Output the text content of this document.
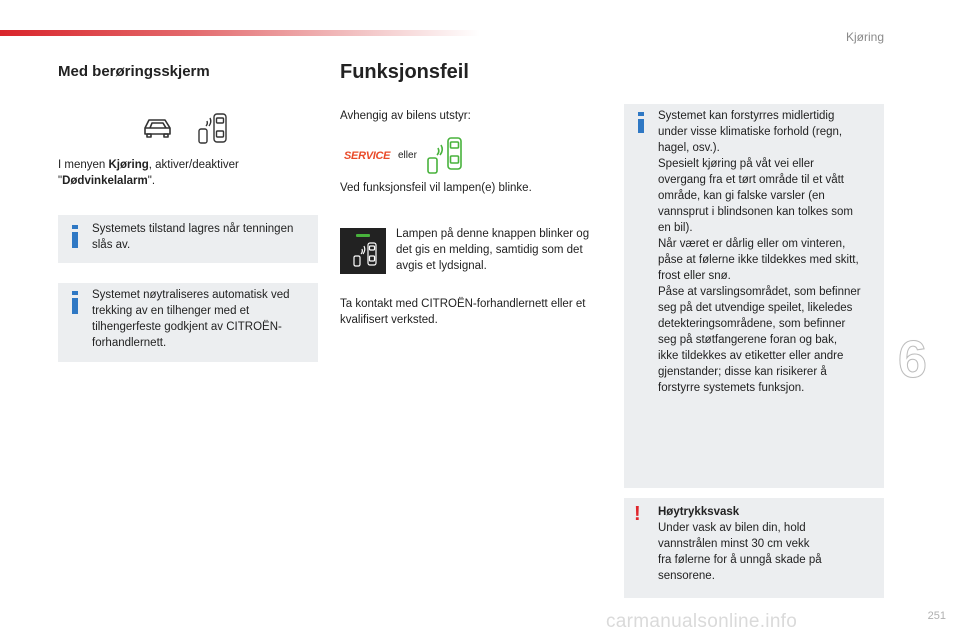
Kjøring
6
Med berøringsskjerm
I menyen Kjøring, aktiver/deaktiver
"Dødvinkelalarm".
Systemets tilstand lagres når tenningen slås av.
Systemet nøytraliseres automatisk ved trekking av en tilhenger med et tilhengerfeste godkjent av CITROËN-forhandlernett.
Funksjonsfeil
Avhengig av bilens utstyr:
SERVICE eller
Ved funksjonsfeil vil lampen(e) blinke.
Lampen på denne knappen blinker og det gis en melding, samtidig som det avgis et lydsignal.
Ta kontakt med CITROËN-forhandlernett eller et kvalifisert verksted.
Systemet kan forstyrres midlertidig
under visse klimatiske forhold (regn,
hagel, osv.).
Spesielt kjøring på våt vei eller
overgang fra et tørt område til et vått
område, kan gi falske varsler (en
vannsprut i blindsonen kan tolkes som
en bil).
Når været er dårlig eller om vinteren,
påse at følerne ikke tildekkes med skitt,
frost eller snø.
Påse at varslingsområdet, som befinner
seg på det utvendige speilet, likeledes
detekteringsområdene, som befinner
seg på støtfangerene foran og bak,
ikke tildekkes av etiketter eller andre
gjenstander; disse kan risikerer å
forstyrre systemets funksjon.
! Høytrykksvask
Under vask av bilen din, hold
vannstrålen minst 30 cm vekk
fra følerne for å unngå skade på
sensorene.
carmanualsonline.info	251
